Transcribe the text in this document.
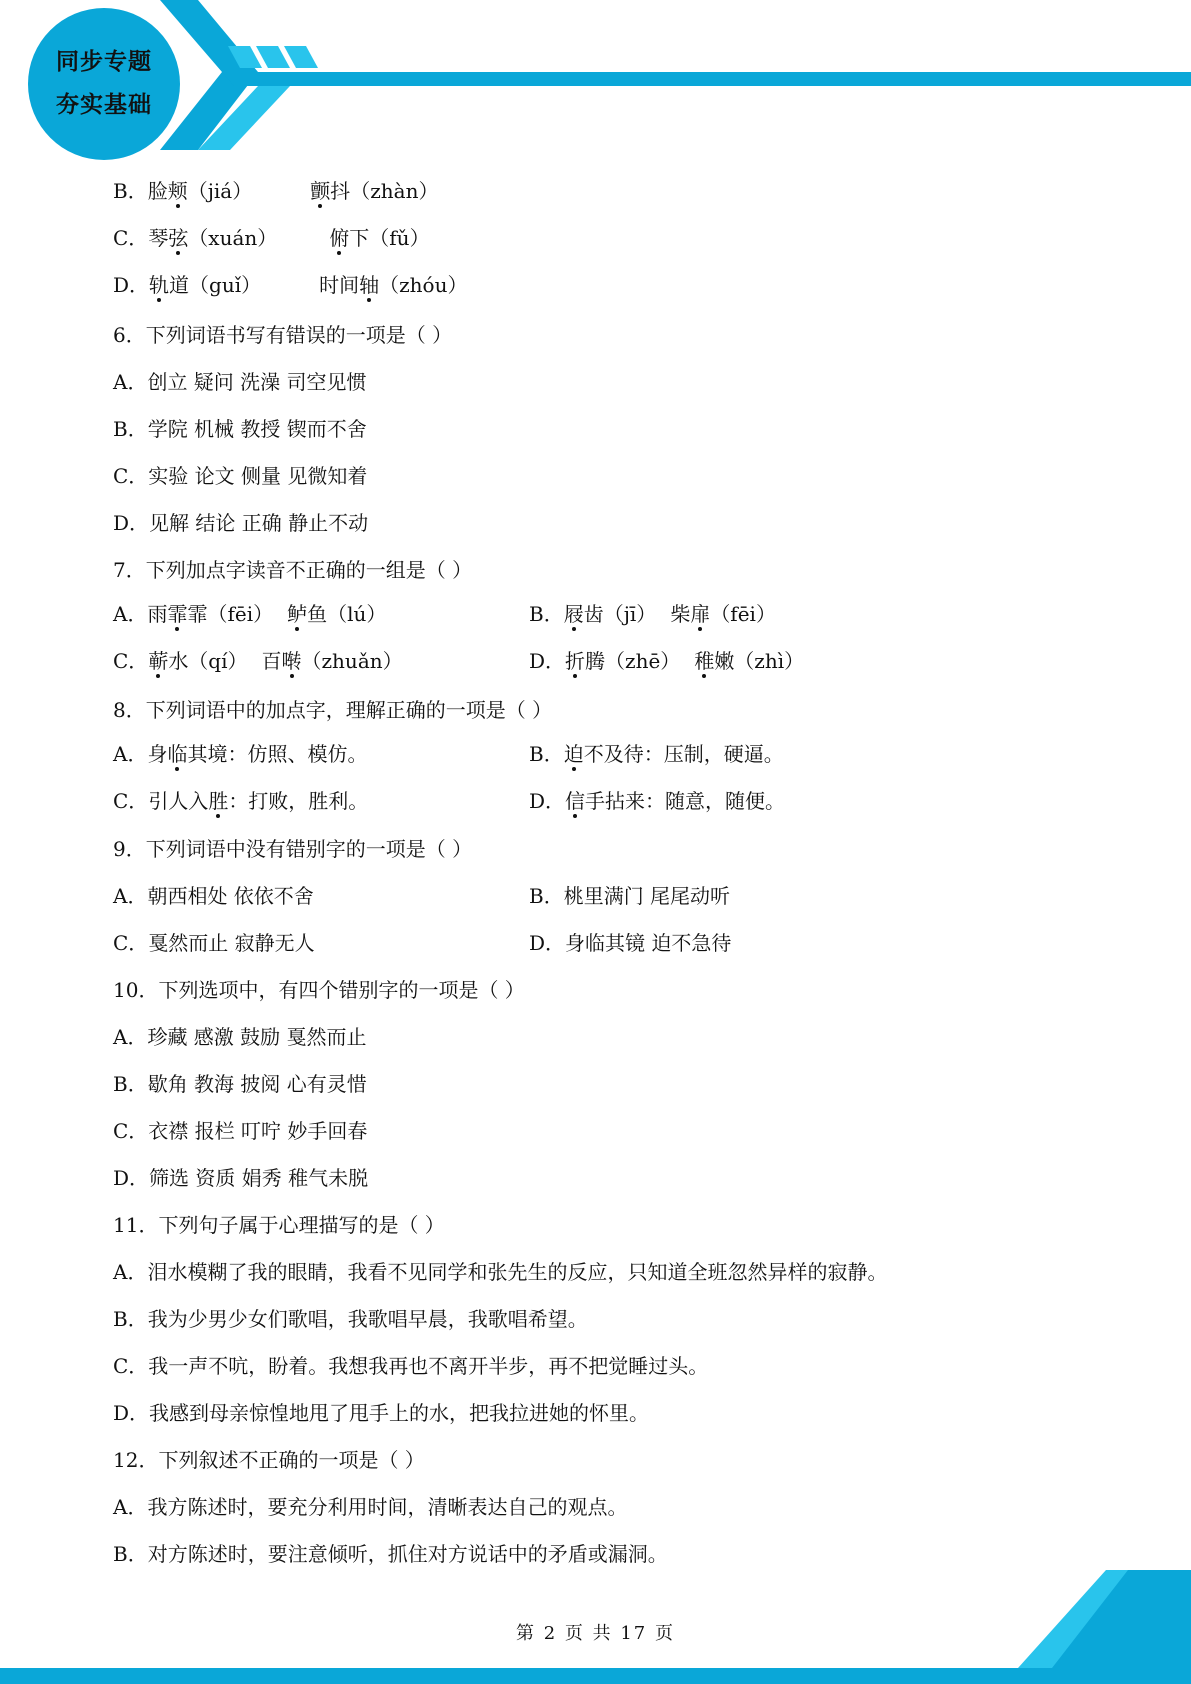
同步专题
夯实基础
B．脸颊（jiá）	颤抖（zhàn）
C．琴弦（xuán）	俯下（fǔ）
D．轨道（guǐ）	时间轴（zhóu）
6．下列词语书写有错误的一项是（ ）
A．创立 疑问 洗澡 司空见惯
B．学院 机械 教授 锲而不舍
C．实验 论文 侧量 见微知着
D．见解 结论 正确 静止不动
7．下列加点字读音不正确的一组是（ ）
A．雨霏霏（fēi） 鲈鱼（lú）	B．屐齿（jī） 柴扉（fēi）
C．蕲水（qí） 百啭（zhuǎn）	D．折腾（zhē） 稚嫩（zhì）
8．下列词语中的加点字，理解正确的一项是（ ）
A．身临其境：仿照、模仿。	B．迫不及待：压制，硬逼。
C．引人入胜：打败，胜利。	D．信手拈来：随意，随便。
9．下列词语中没有错别字的一项是（ ）
A．朝西相处 依依不舍	B．桃里满门 尾尾动听
C．戛然而止 寂静无人	D．身临其镜 迫不急待
10．下列选项中，有四个错别字的一项是（ ）
A．珍藏 感激 鼓励 戛然而止
B．歇角 教海 披阅 心有灵惜
C．衣襟 报栏 叮咛 妙手回春
D．筛选 资质 娟秀 稚气未脱
11．下列句子属于心理描写的是（ ）
A．泪水模糊了我的眼睛，我看不见同学和张先生的反应，只知道全班忽然异样的寂静。
B．我为少男少女们歌唱，我歌唱早晨，我歌唱希望。
C．我一声不吭，盼着。我想我再也不离开半步，再不把觉睡过头。
D．我感到母亲惊惶地甩了甩手上的水，把我拉进她的怀里。
12．下列叙述不正确的一项是（ ）
A．我方陈述时，要充分利用时间，清晰表达自己的观点。
B．对方陈述时，要注意倾听，抓住对方说话中的矛盾或漏洞。
第 2 页 共 17 页
